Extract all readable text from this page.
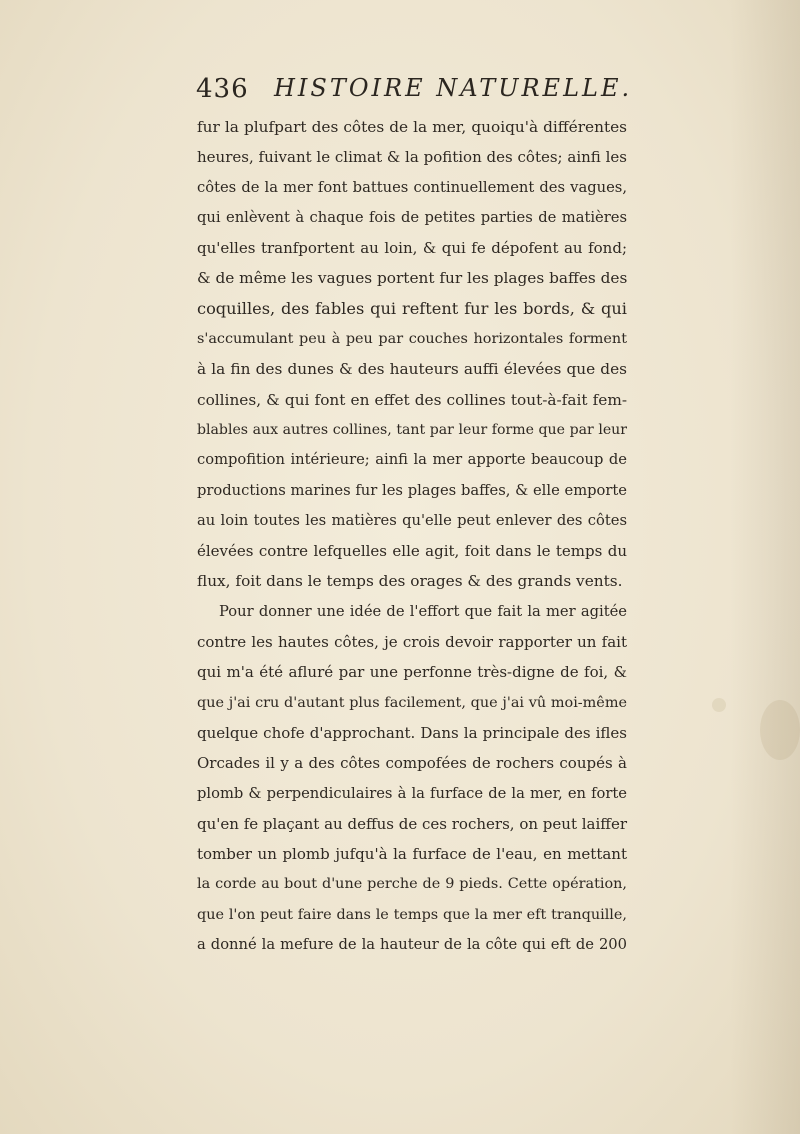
436 HISTOIRE NATURELLE.
fur la plufpart des côtes de la mer, quoiqu'à différentes
heures, fuivant le climat & la pofition des côtes; ainfi les
côtes de la mer font battues continuellement des vagues,
qui enlèvent à chaque fois de petites parties de matières
qu'elles tranfportent au loin, & qui fe dépofent au fond;
& de même les vagues portent fur les plages baffes des
coquilles, des fables qui reftent fur les bords, & qui
s'accumulant peu à peu par couches horizontales forment
à la fin des dunes & des hauteurs auffi élevées que des
collines, & qui font en effet des collines tout-à-fait fem-
blables aux autres collines, tant par leur forme que par leur
compofition intérieure; ainfi la mer apporte beaucoup de
productions marines fur les plages baffes, & elle emporte
au loin toutes les matières qu'elle peut enlever des côtes
élevées contre lefquelles elle agit, foit dans le temps du
flux, foit dans le temps des orages & des grands vents.
Pour donner une idée de l'effort que fait la mer agitée
contre les hautes côtes, je crois devoir rapporter un fait
qui m'a été afluré par une perfonne très-digne de foi, &
que j'ai cru d'autant plus facilement, que j'ai vû moi-même
quelque chofe d'approchant. Dans la principale des ifles
Orcades il y a des côtes compofées de rochers coupés à
plomb & perpendiculaires à la furface de la mer, en forte
qu'en fe plaçant au deffus de ces rochers, on peut laiffer
tomber un plomb jufqu'à la furface de l'eau, en mettant
la corde au bout d'une perche de 9 pieds. Cette opération,
que l'on peut faire dans le temps que la mer eft tranquille,
a donné la mefure de la hauteur de la côte qui eft de 200
